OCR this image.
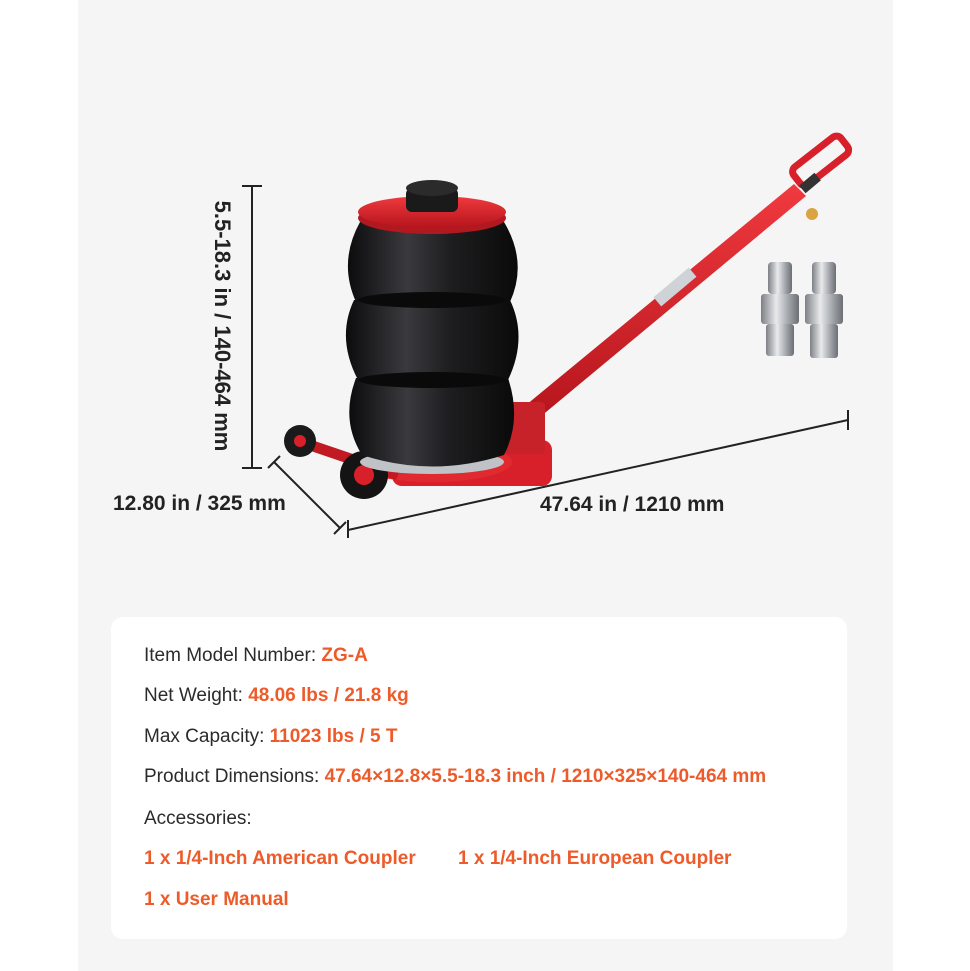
5.5-18.3 in / 140-464 mm
12.80 in / 325 mm	47.64 in / 1210 mm
Item Model Number: ZG-A
Net Weight: 48.06 lbs / 21.8 kg
Max Capacity: 11023 lbs / 5 T
Product Dimensions: 47.64×12.8×5.5-18.3 inch / 1210×325×140-464 mm
Accessories:
1 x 1/4-Inch American Coupler 1 x 1/4-Inch European Coupler
1 x User Manual
